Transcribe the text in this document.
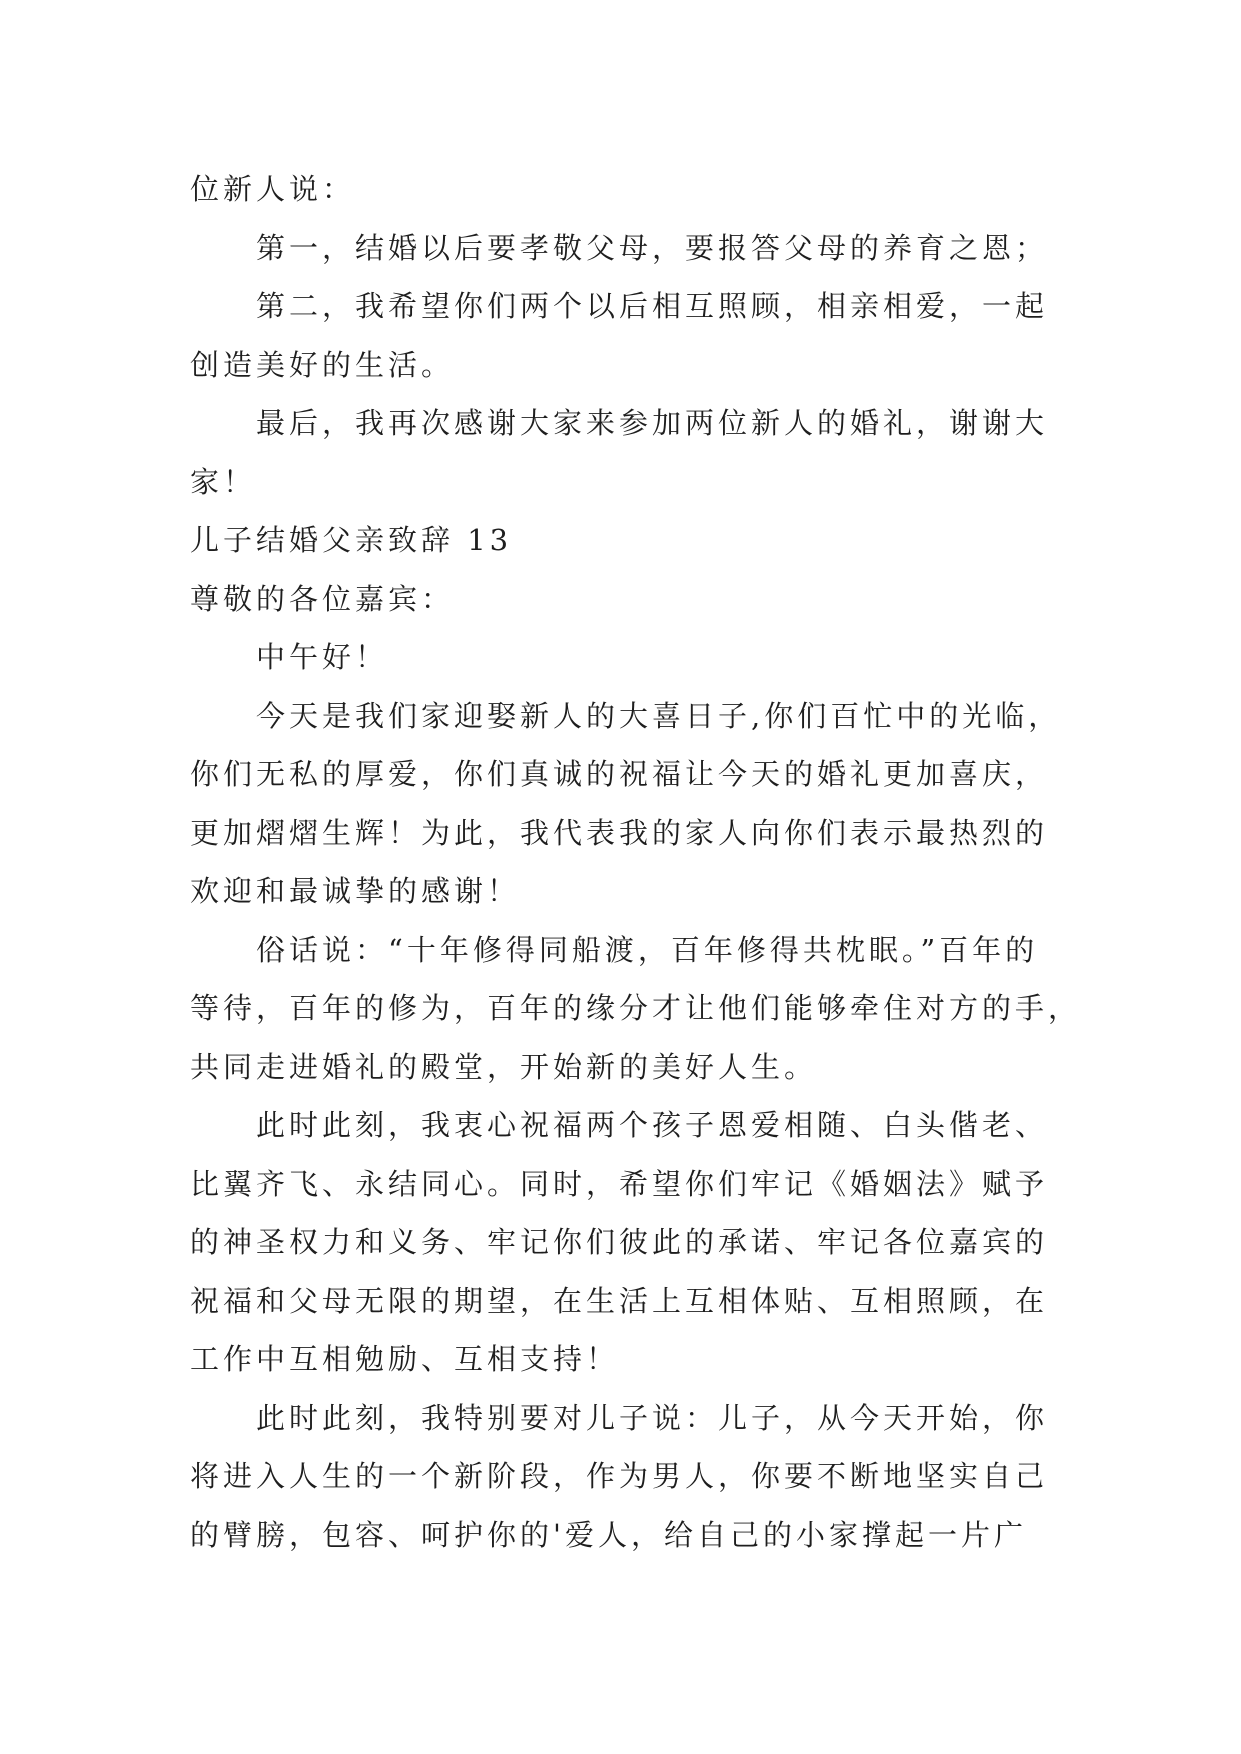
位新人说：
第一，结婚以后要孝敬父母，要报答父母的养育之恩；
第二，我希望你们两个以后相互照顾，相亲相爱，一起
创造美好的生活。
最后，我再次感谢大家来参加两位新人的婚礼，谢谢大
家！
儿子结婚父亲致辞 13
尊敬的各位嘉宾：
中午好！
今天是我们家迎娶新人的大喜日子,你们百忙中的光临，
你们无私的厚爱，你们真诚的祝福让今天的婚礼更加喜庆，
更加熠熠生辉！为此，我代表我的家人向你们表示最热烈的
欢迎和最诚挚的感谢！
俗话说：“十年修得同船渡，百年修得共枕眠。”百年的
等待，百年的修为，百年的缘分才让他们能够牵住对方的手，
共同走进婚礼的殿堂，开始新的美好人生。
此时此刻，我衷心祝福两个孩子恩爱相随、白头偕老、
比翼齐飞、永结同心。同时，希望你们牢记《婚姻法》赋予
的神圣权力和义务、牢记你们彼此的承诺、牢记各位嘉宾的
祝福和父母无限的期望，在生活上互相体贴、互相照顾，在
工作中互相勉励、互相支持！
此时此刻，我特别要对儿子说：儿子，从今天开始，你
将进入人生的一个新阶段，作为男人，你要不断地坚实自己
的臂膀，包容、呵护你的'爱人，给自己的小家撑起一片广
